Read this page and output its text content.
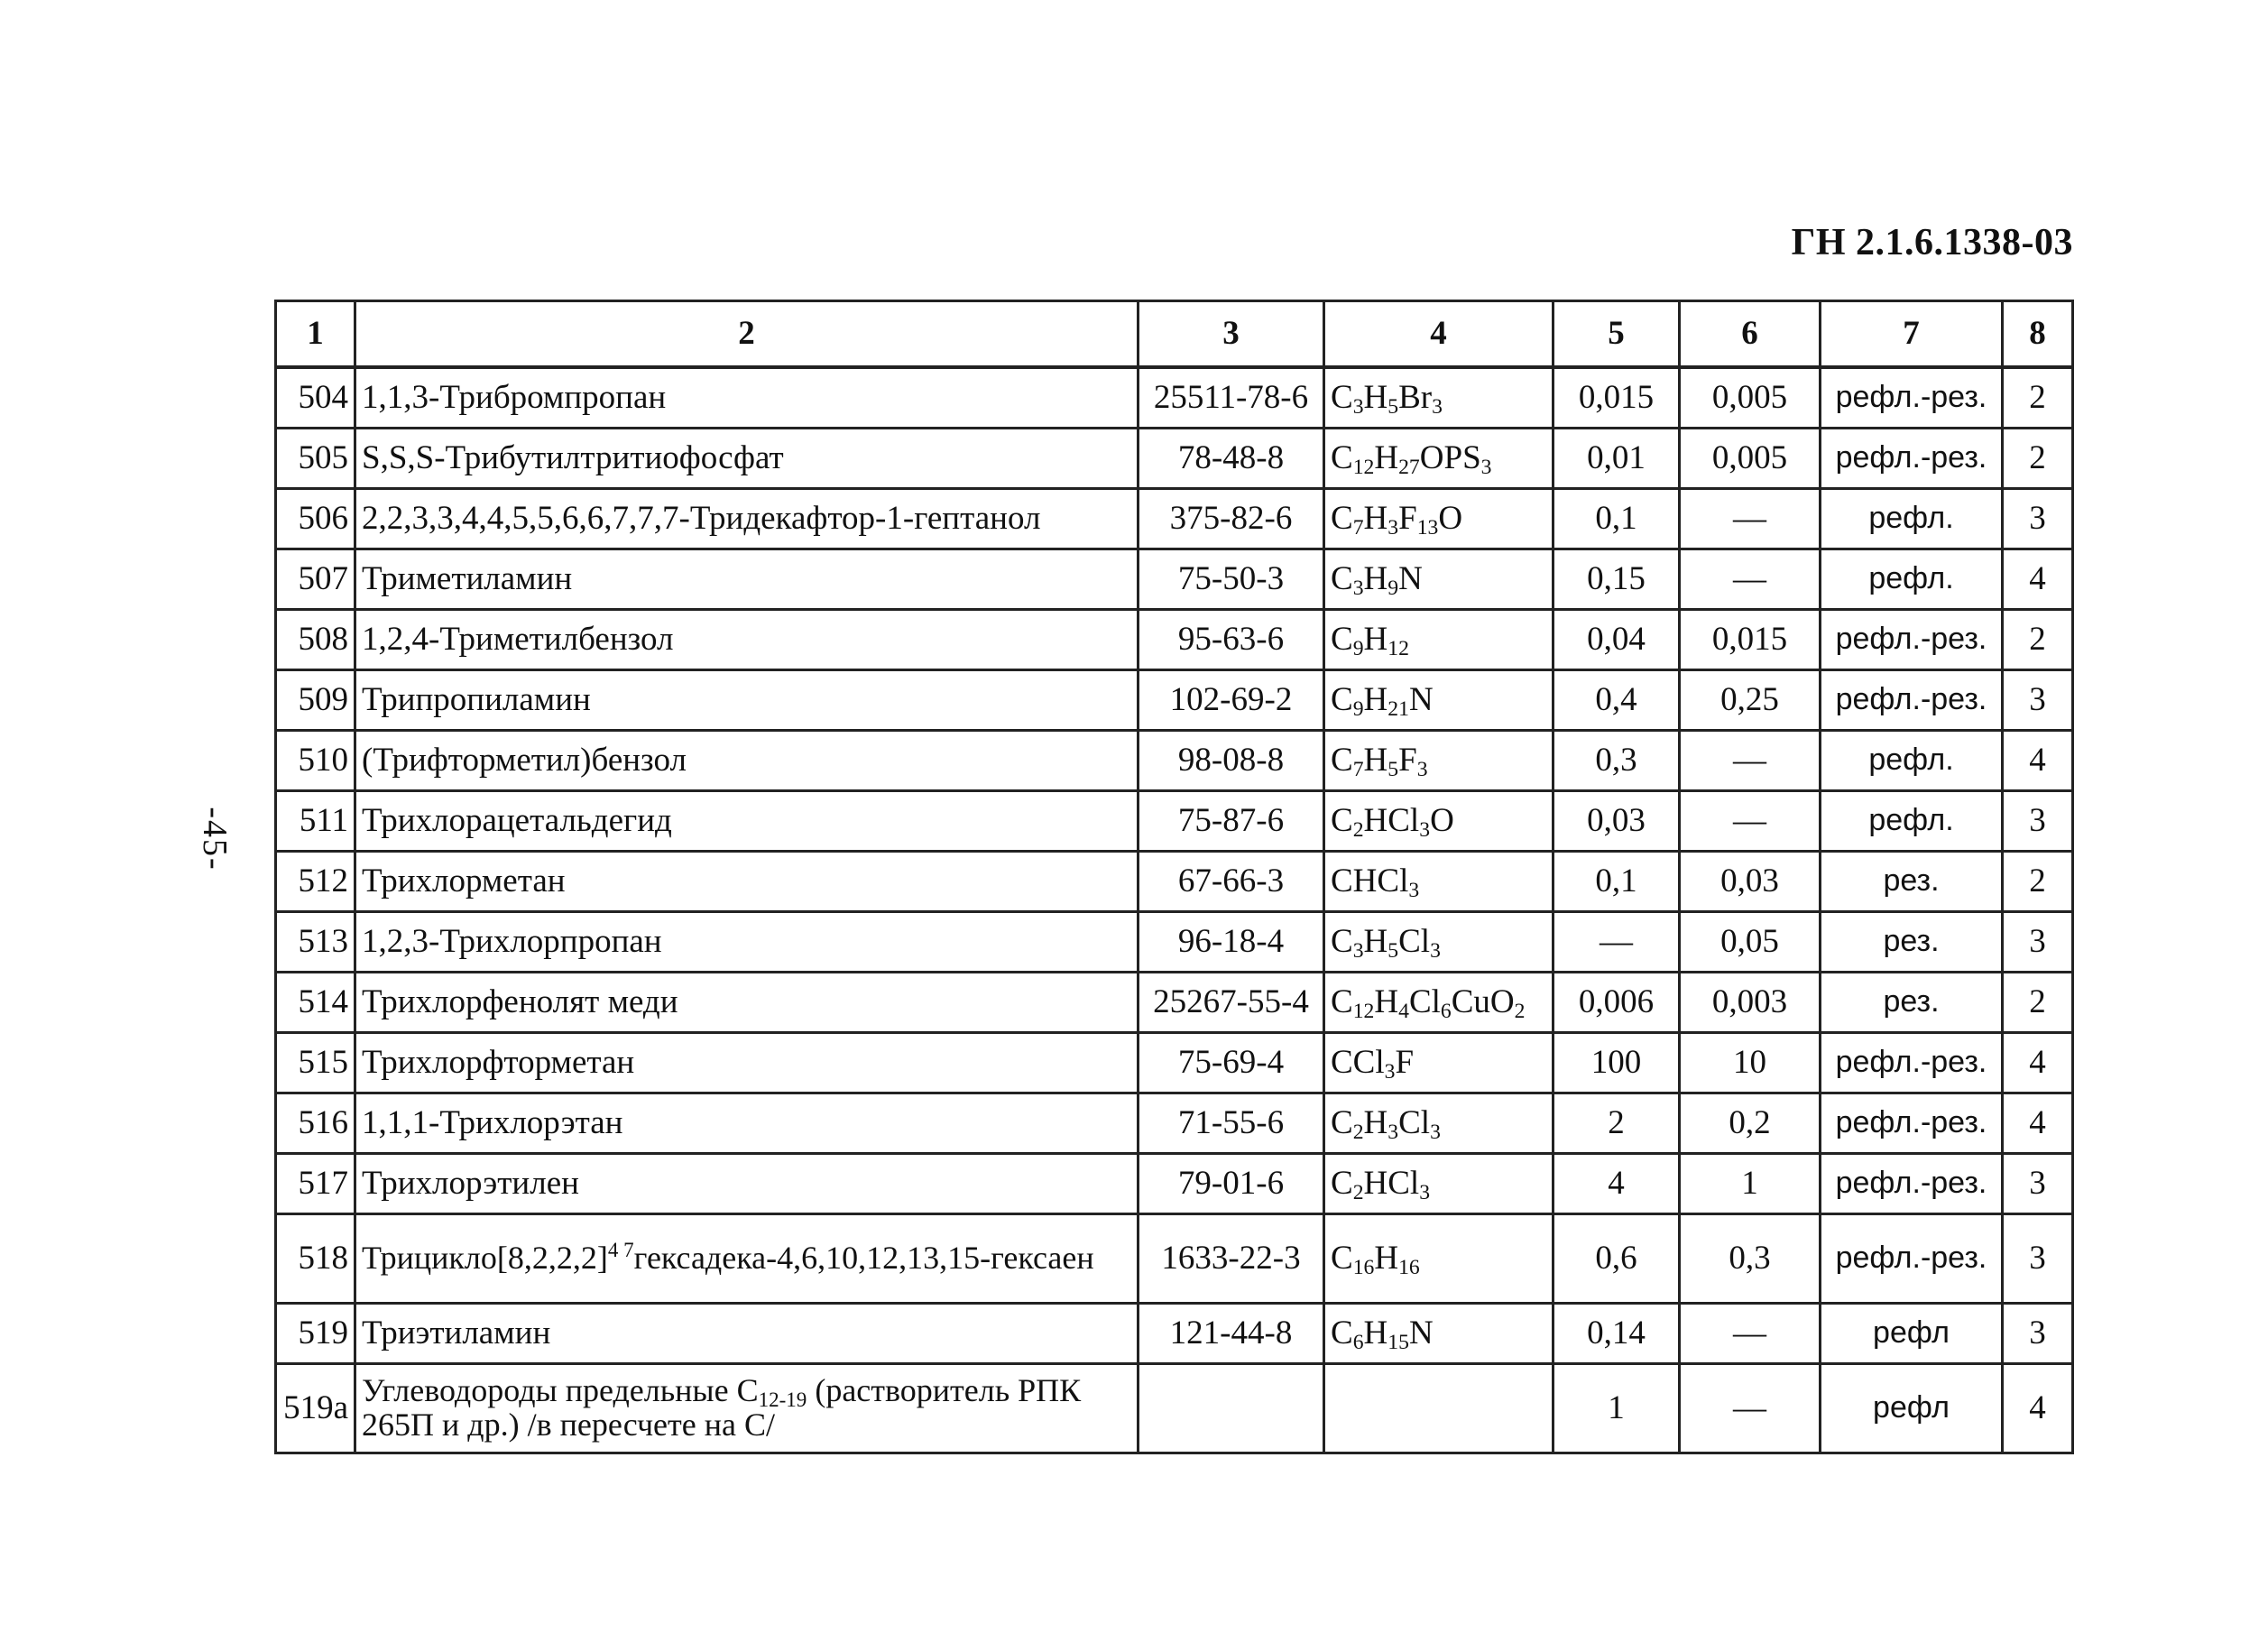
ГН 2.1.6.1338-03
-45-
1	2	3	4	5	6	7	8
504	1,1,3-Трибромпропан	25511-78-6	$C_3H_5Br_3$	0,015	0,005	рефл.-рез.	2
505	S,S,S-Трибутилтритиофосфат	78-48-8	$C_{12}H_{27}OPS_3$	0,01	0,005	рефл.-рез.	2
506	2,2,3,3,4,4,5,5,6,6,7,7,7-Тридекафтор-1-гептанол	375-82-6	$C_7H_3F_{13}O$	0,1	—	рефл.	3
507	Триметиламин	75-50-3	$C_3H_9N$	0,15	—	рефл.	4
508	1,2,4-Триметилбензол	95-63-6	$C_9H_{12}$	0,04	0,015	рефл.-рез.	2
509	Трипропиламин	102-69-2	$C_9H_{21}N$	0,4	0,25	рефл.-рез.	3
510	(Трифторметил)бензол	98-08-8	$C_7H_5F_3$	0,3	—	рефл.	4
511	Трихлорацетальдегид	75-87-6	$C_2HCl_3O$	0,03	—	рефл.	3
512	Трихлорметан	67-66-3	CHCl$_3$	0,1	0,03	рез.	2
513	1,2,3-Трихлорпропан	96-18-4	$C_3H_5Cl_3$	—	0,05	рез.	3
514	Трихлорфенолят меди	25267-55-4	$C_{12}H_4Cl_6CuO_2$	0,006	0,003	рез.	2
515	Трихлорфторметан	75-69-4	CCl$_3$F	100	10	рефл.-рез.	4
516	1,1,1-Трихлорэтан	71-55-6	$C_2H_3Cl_3$	2	0,2	рефл.-рез.	4
517	Трихлорэтилен	79-01-6	$C_2HCl_3$	4	1	рефл.-рез.	3
518	$Трицикло[8,2,2,2]^{4 7}гексадека-4,6,10,12,13,15$-гексаен	1633-22-3	$C_{16}H_{16}$	0,6	0,3	рефл.-рез.	3
519	Триэтиламин	121-44-8	$C_6H_{15}N$	0,14	—	рефл	3
519a	Углеводороды предельные $C_{12-19}$ (растворитель РПК 265П и др.) /в пересчете на С/			1	—	рефл	4
